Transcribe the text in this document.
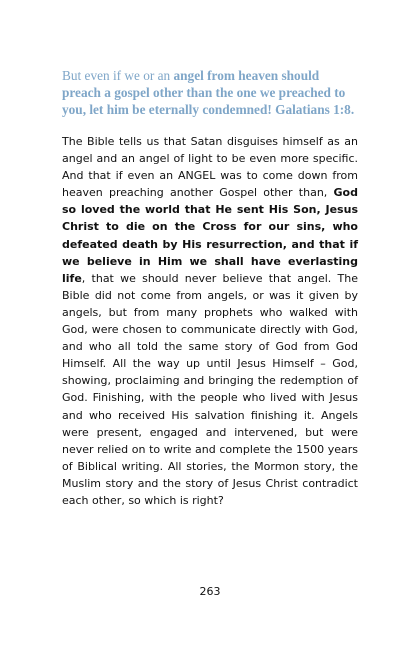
But even if we or an angel from heaven should preach a gospel other than the one we preached to you, let him be eternally condemned! Galatians 1:8.

The Bible tells us that Satan disguises himself as an angel and an angel of light to be even more specific. And that if even an ANGEL was to come down from heaven preaching another Gospel other than, God so loved the world that He sent His Son, Jesus Christ to die on the Cross for our sins, who defeated death by His resurrection, and that if we believe in Him we shall have everlasting life, that we should never believe that angel. The Bible did not come from angels, or was it given by angels, but from many prophets who walked with God, were chosen to communicate directly with God, and who all told the same story of God from God Himself. All the way up until Jesus Himself – God, showing, proclaiming and bringing the redemption of God. Finishing, with the people who lived with Jesus and who received His salvation finishing it. Angels were present, engaged and intervened, but were never relied on to write and complete the 1500 years of Biblical writing. All stories, the Mormon story, the Muslim story and the story of Jesus Christ contradict each other, so which is right?

263
